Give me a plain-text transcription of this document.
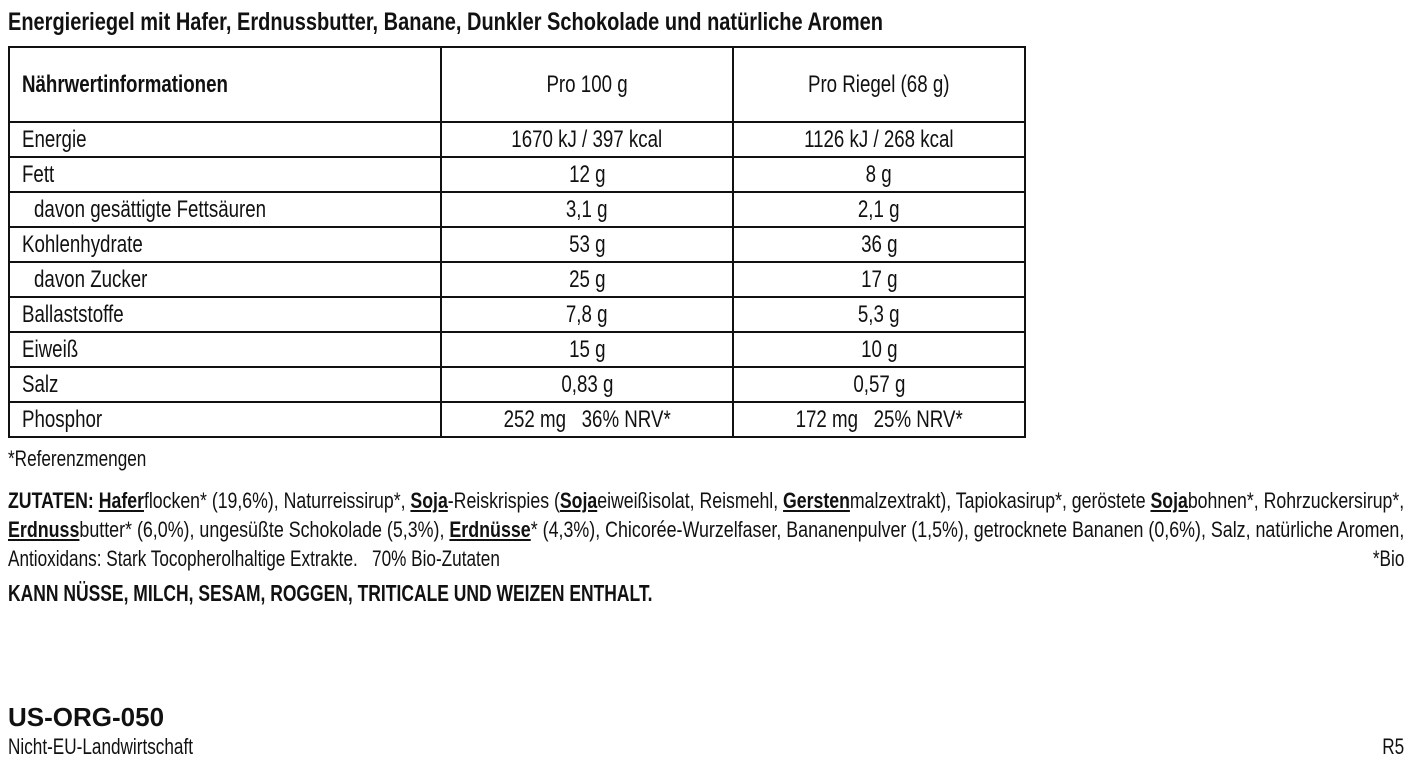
Energieriegel mit Hafer, Erdnussbutter, Banane, Dunkler Schokolade und natürliche Aromen
Nährwertinformationen	Pro 100 g	Pro Riegel (68 g)
Energie	1670 kJ / 397 kcal	1126 kJ / 268 kcal
Fett	12 g	8 g
davon gesättigte Fettsäuren	3,1 g	2,1 g
Kohlenhydrate	53 g	36 g
davon Zucker	25 g	17 g
Ballaststoffe	7,8 g	5,3 g
Eiweiß	15 g	10 g
Salz	0,83 g	0,57 g
Phosphor	252 mg   36% NRV*	172 mg   25% NRV*
*Referenzmengen
ZUTATEN: Haferflocken* (19,6%), Naturreissirup*, Soja-Reiskrispies (Sojaeiweißisolat, Reismehl, Gerstenmalzextrakt), Tapiokasirup*, geröstete Sojabohnen*, Rohrzuckersirup*,
Erdnussbutter* (6,0%), ungesüßte Schokolade (5,3%), Erdnüsse* (4,3%), Chicorée-Wurzelfaser, Bananenpulver (1,5%), getrocknete Bananen (0,6%), Salz, natürliche Aromen,
Antioxidans: Stark Tocopherolhaltige Extrakte.   70% Bio-Zutaten	*Bio
KANN NÜSSE, MILCH, SESAM, ROGGEN, TRITICALE UND WEIZEN ENTHALT.
US-ORG-050
Nicht-EU-Landwirtschaft	R5
